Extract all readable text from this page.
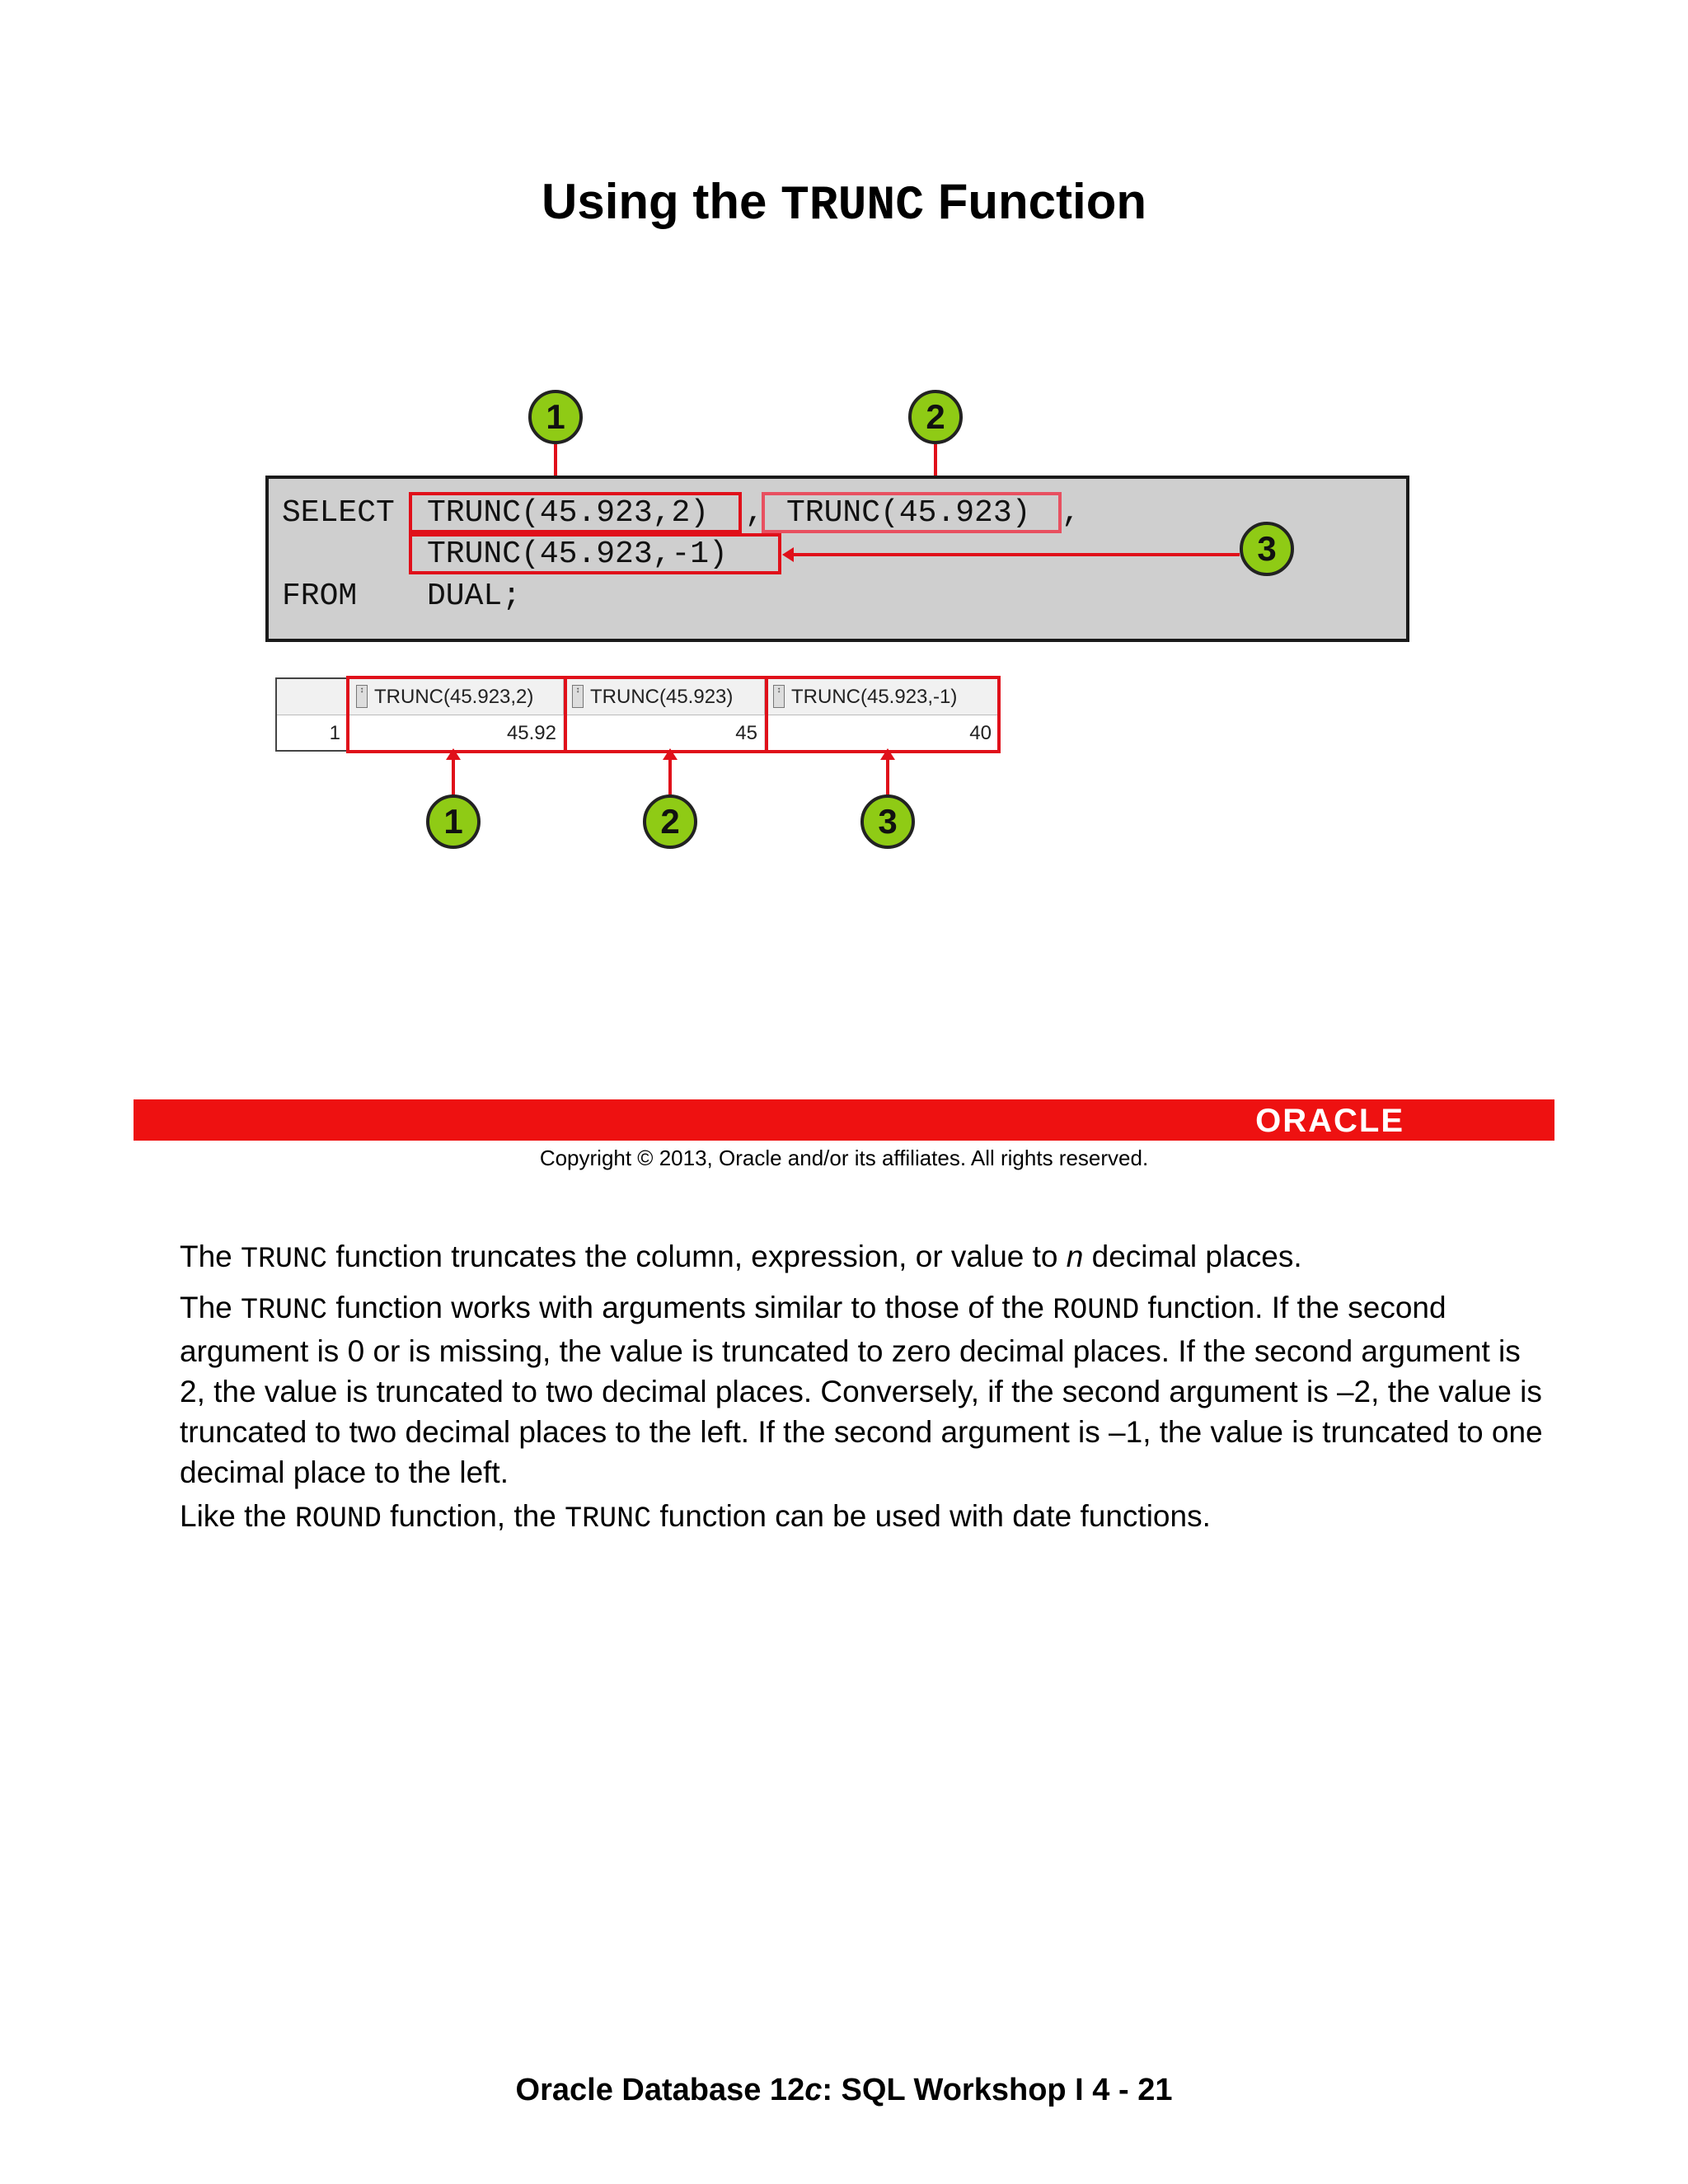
Using the TRUNC Function
1	2
SELECT TRUNC(45.923,2) , TRUNC(45.923) ,
TRUNC(45.923,-1)
FROM DUAL;
3
1
↕ TRUNC(45.923,2)	↕ TRUNC(45.923)	↕ TRUNC(45.923,-1)
45.92	45	40
1	2	3
ORACLE
Copyright © 2013, Oracle and/or its affiliates. All rights reserved.
The TRUNC function truncates the column, expression, or value to n decimal places.
The TRUNC function works with arguments similar to those of the ROUND function. If the second argument is 0 or is missing, the value is truncated to zero decimal places. If the second argument is 2, the value is truncated to two decimal places. Conversely, if the second argument is –2, the value is truncated to two decimal places to the left. If the second argument is –1, the value is truncated to one decimal place to the left.
Like the ROUND function, the TRUNC function can be used with date functions.
Oracle Database 12c: SQL Workshop I 4 - 21
